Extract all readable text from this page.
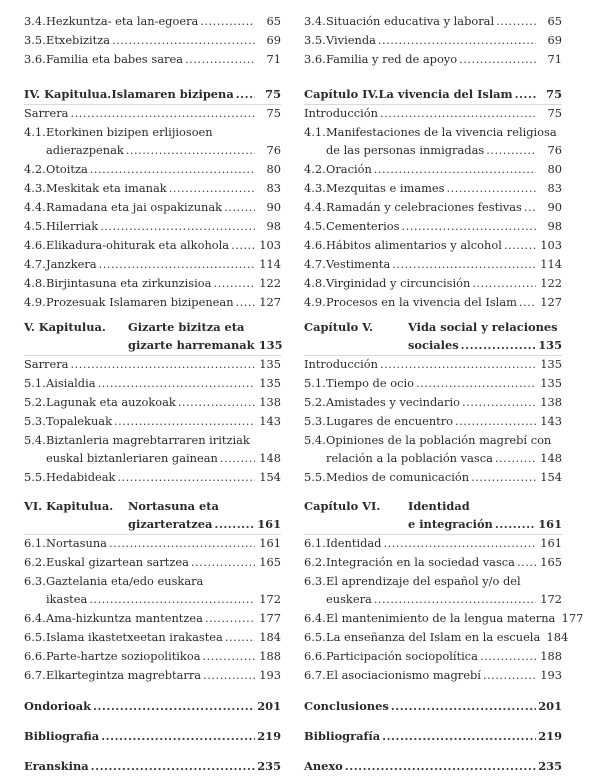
3.4. Hezkuntza- eta lan-egoera .....	65
3.5. Etxebizitza .....	69
3.6. Familia eta babes sarea .....	71
IV. Kapitulua. Islamaren bizipena .....	75
Sarrera .....	75
4.1. Etorkinen bizipen erlijiosoen
adierazpenak .....	76
4.2. Otoitza .....	80
4.3. Meskitak eta imanak .....	83
4.4. Ramadana eta jai ospakizunak .....	90
4.5. Hilerriak .....	98
4.6. Elikadura-ohiturak eta alkohola .....	103
4.7. Janzkera .....	114
4.8. Birjintasuna eta zirkunzisioa .....	122
4.9. Prozesuak Islamaren bizipenean ..... 127
V. Kapitulua.	Gizarte bizitza eta
gizarte harremanak 135
Sarrera .....	135
5.1. Aisialdia .....	135
5.2. Lagunak eta auzokoak .....	138
5.3. Topalekuak .....	143
5.4. Biztanleria magrebtarraren iritziak
euskal biztanleriaren gainean .....	148
5.5. Hedabideak .....	154
VI. Kapitulua.	Nortasuna eta
gizarteratzea .....	161
6.1. Nortasuna .....	161
6.2. Euskal gizartean sartzea .....	165
6.3. Gaztelania eta/edo euskara
ikastea .....	172
6.4. Ama-hizkuntza mantentzea .....	177
6.5. Islama ikastetxeetan irakastea .....	184
6.6. Parte-hartze soziopolitikoa .....	188
6.7. Elkartegintza magrebtarra .....	193
Ondorioak .....	201
Bibliografia .....	219
Eranskina .....	235
3.4. Situación educativa y laboral .....	65
3.5. Vivienda .....	69
3.6. Familia y red de apoyo .....	71
Capítulo IV. La vivencia del Islam .....	75
Introducción .....	75
4.1. Manifestaciones de la vivencia religiosa
de las personas inmigradas .....	76
4.2. Oración .....	80
4.3. Mezquitas e imames .....	83
4.4. Ramadán y celebraciones festivas .....	90
4.5. Cementerios .....	98
4.6. Hábitos alimentarios y alcohol .....	103
4.7. Vestimenta .....	114
4.8. Virginidad y circuncisión .....	122
4.9. Procesos en la vivencia del Islam ..... 127
Capítulo V.	Vida social y relaciones
sociales .....	135
Introducción .....	135
5.1. Tiempo de ocio .....	135
5.2. Amistades y vecindario .....	138
5.3. Lugares de encuentro .....	143
5.4. Opiniones de la población magrebí con
relación a la población vasca .....	148
5.5. Medios de comunicación .....	154
Capítulo VI.	Identidad
e integración .....	161
6.1. Identidad .....	161
6.2. Integración en la sociedad vasca ..... 165
6.3. El aprendizaje del español y/o del
euskera .....	172
6.4. El mantenimiento de la lengua materna 177
6.5. La enseñanza del Islam en la escuela 184
6.6. Participación sociopolítica .....	188
6.7. El asociacionismo magrebí .....	193
Conclusiones .....	201
Bibliografía .....	219
Anexo .....	235
